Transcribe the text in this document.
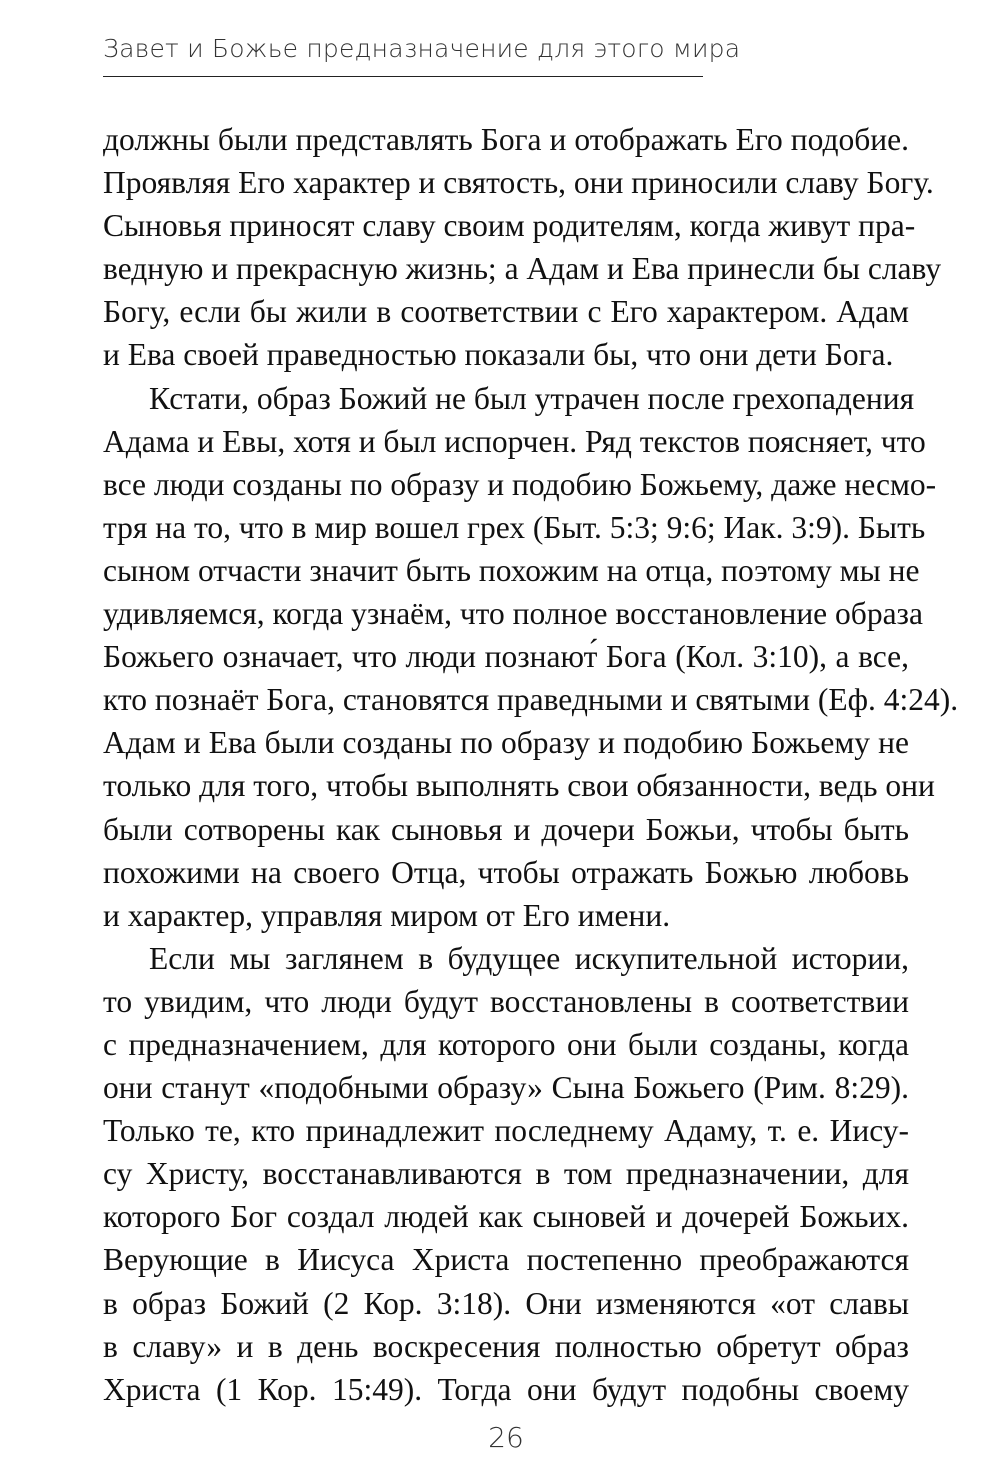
Завет и Божье предназначение для этого мира
должны были представлять Бога и отображать Его подобие.
Проявляя Его характер и святость, они приносили славу Богу.
Сыновья приносят славу своим родителям, когда живут пра-
ведную и прекрасную жизнь; а Адам и Ева принесли бы славу
Богу, если бы жили в соответствии с Его характером. Адам
и Ева своей праведностью показали бы, что они дети Бога.
Кстати, образ Божий не был утрачен после грехопадения
Адама и Евы, хотя и был испорчен. Ряд текстов поясняет, что
все люди созданы по образу и подобию Божьему, даже несмо-
тря на то, что в мир вошел грех (Быт. 5:3; 9:6; Иак. 3:9). Быть
сыном отчасти значит быть похожим на отца, поэтому мы не
удивляемся, когда узнаём, что полное восстановление образа
Божьего означает, что люди познают́ Бога (Кол. 3:10), а все,
кто познаёт Бога, становятся праведными и святыми (Еф. 4:24).
Адам и Ева были созданы по образу и подобию Божьему не
только для того, чтобы выполнять свои обязанности, ведь они
были сотворены как сыновья и дочери Божьи, чтобы быть
похожими на своего Отца, чтобы отражать Божью любовь
и характер, управляя миром от Его имени.
Если мы заглянем в будущее искупительной истории,
то увидим, что люди будут восстановлены в соответствии
с предназначением, для которого они были созданы, когда
они станут «подобными образу» Сына Божьего (Рим. 8:29).
Только те, кто принадлежит последнему Адаму, т. е. Иису-
су Христу, восстанавливаются в том предназначении, для
которого Бог создал людей как сыновей и дочерей Божьих.
Верующие в Иисуса Христа постепенно преображаются
в образ Божий (2 Кор. 3:18). Они изменяются «от славы
в славу» и в день воскресения полностью обретут образ
Христа (1 Кор. 15:49). Тогда они будут подобны своему
26
